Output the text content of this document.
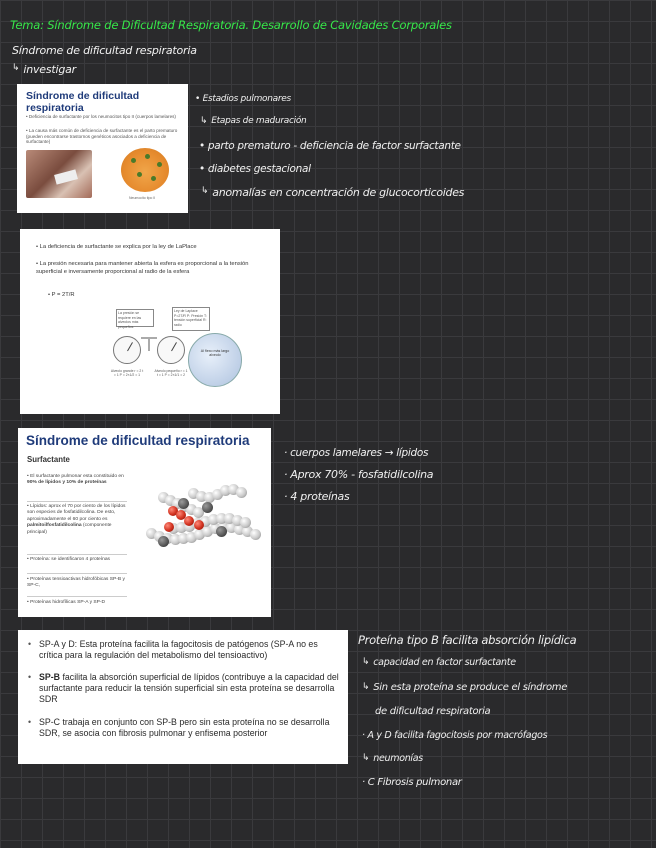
Tema: Síndrome de Dificultad Respiratoria. Desarrollo de Cavidades Corporales
Síndrome de dificultad respiratoria
↳ investigar
Síndrome de dificultad respiratoria
• Deficiencia de surfactante por los neumocitos tipo II (cuerpos lamelares)
• La causa más común de deficiencia de surfactante es el parto prematuro (pueden encontrarse trastornos genéticos asociados a deficiencia de surfactante)
Neumocito tipo II
• Estadios pulmonares
↳ Etapas de maduración
• parto prematuro - deficiencia de factor surfactante
• diabetes gestacional
↳ anomalías en concentración de glucocorticoides
• La deficiencia de surfactante se explica por la ley de LaPlace
• La presión necesaria para mantener abierta la esfera es proporcional a la tensión superficial e inversamente proporcional al radio de la esfera
• P = 2T/R
La presión se requiere en las alveolos más pequeños
Ley de Laplace P=2T/R P: Presión T: tensión superficial R: radio
Alveolo grande r = 2 t = 1 P = 2×1/2 = 1
Alveolo pequeño r = 1 t = 1 P = 2×1/1 = 2
Al flexo más largo alveolo
Síndrome de dificultad respiratoria
Surfactante
• El surfactante pulmonar esta constituido en 90% de lípidos y 10% de proteínas
• Lípidos: aprox el 70 por ciento de los lípidos son especies de fosfatidilcolina. De esto, aproximadamente el 60 por ciento es palmitoilfosfatidilcolina (componente principal)
• Proteína: se identificaron 4 proteínas
• Proteínas tensioactivas hidrofóbicas SP-B y SP-C,
• Proteínas hidrofílicas SP-A y SP-D
· cuerpos lamelares → lípidos
· Aprox 70% - fosfatidilcolina
· 4 proteínas
• SP-A y D: Esta proteína facilita la fagocitosis de patógenos (SP-A no es crítica para la regulación del metabolismo del tensioactivo)
• SP-B facilita la absorción superficial de lípidos (contribuye a la capacidad del surfactante para reducir la tensión superficial sin esta proteína se desarrolla SDR
• SP-C trabaja en conjunto con SP-B pero sin esta proteína no se desarrolla SDR, se asocia con fibrosis pulmonar y enfisema posterior
Proteína tipo B facilita absorción lipídica
↳ capacidad en factor surfactante
↳ Sin esta proteína se produce el síndrome
de dificultad respiratoria
· A y D facilita fagocitosis por macrófagos
↳ neumonías
· C Fibrosis pulmonar
